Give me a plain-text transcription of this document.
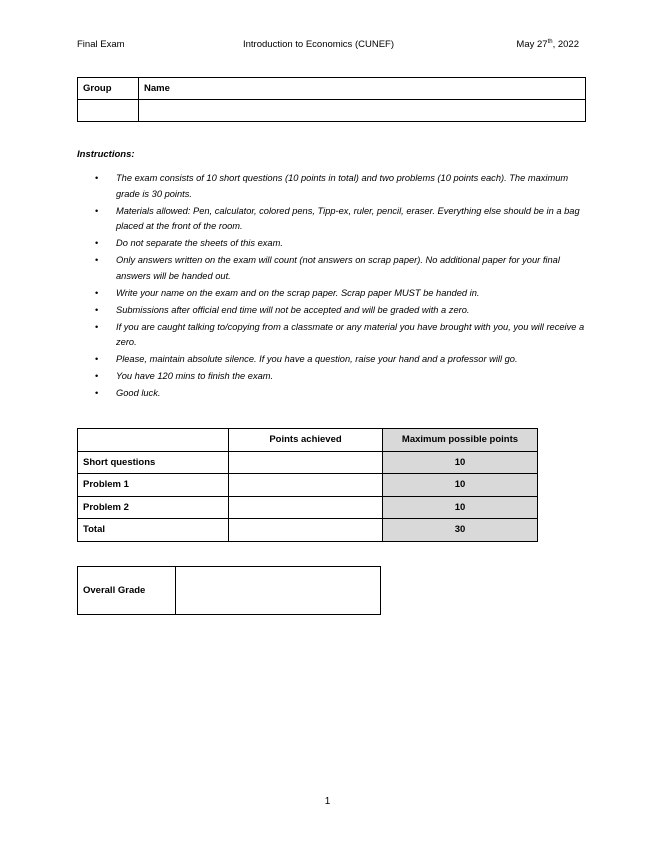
Final Exam	Introduction to Economics (CUNEF)	May 27th, 2022
Group	Name

Instructions:
• The exam consists of 10 short questions (10 points in total) and two problems (10 points each). The maximum grade is 30 points.
• Materials allowed: Pen, calculator, colored pens, Tipp-ex, ruler, pencil, eraser. Everything else should be in a bag placed at the front of the room.
• Do not separate the sheets of this exam.
• Only answers written on the exam will count (not answers on scrap paper). No additional paper for your final answers will be handed out.
• Write your name on the exam and on the scrap paper. Scrap paper MUST be handed in.
• Submissions after official end time will not be accepted and will be graded with a zero.
• If you are caught talking to/copying from a classmate or any material you have brought with you, you will receive a zero.
• Please, maintain absolute silence. If you have a question, raise your hand and a professor will go.
• You have 120 mins to finish the exam.
• Good luck.
	Points achieved	Maximum possible points
Short questions		10
Problem 1		10
Problem 2		10
Total		30
Overall Grade	
1
